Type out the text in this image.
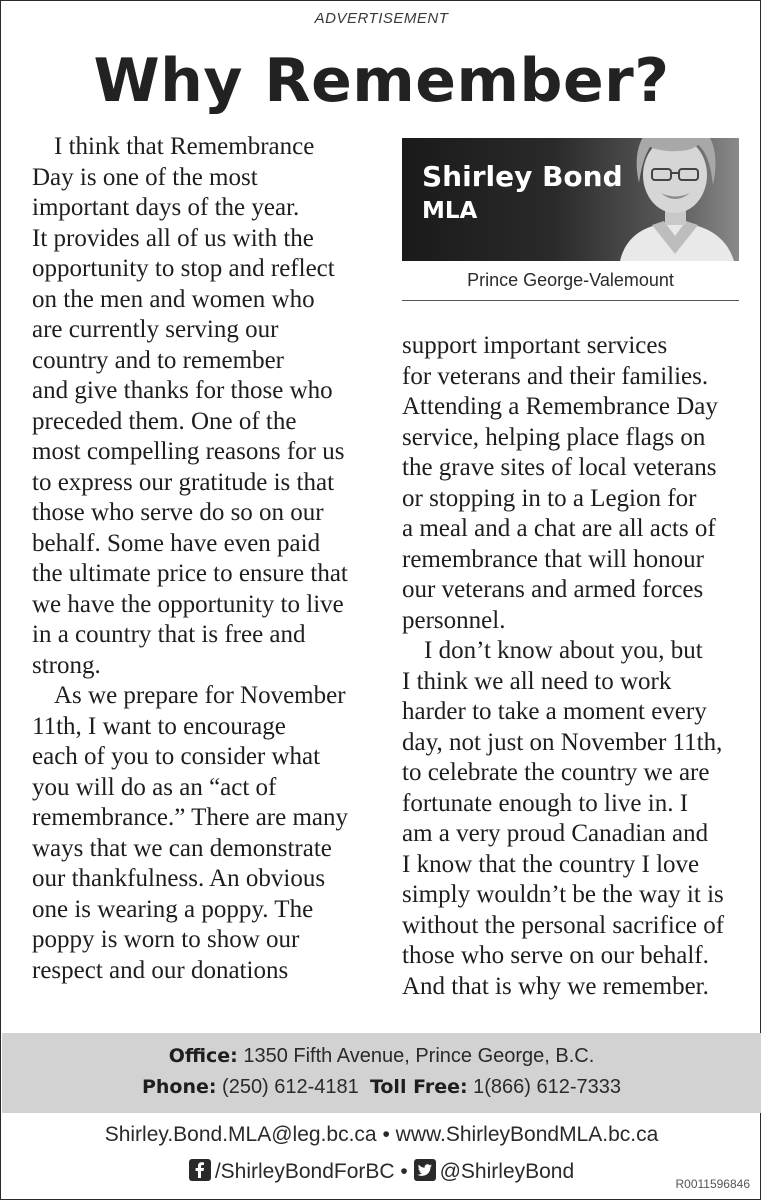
ADVERTISEMENT
Why Remember?
I think that Remembrance
Day is one of the most
important days of the year.
It provides all of us with the
opportunity to stop and reflect
on the men and women who
are currently serving our
country and to remember
and give thanks for those who
preceded them. One of the
most compelling reasons for us
to express our gratitude is that
those who serve do so on our
behalf. Some have even paid
the ultimate price to ensure that
we have the opportunity to live
in a country that is free and
strong.
As we prepare for November
11th, I want to encourage
each of you to consider what
you will do as an “act of
remembrance.” There are many
ways that we can demonstrate
our thankfulness. An obvious
one is wearing a poppy. The
poppy is worn to show our
respect and our donations
Shirley Bond
MLA
Prince George-Valemount
support important services
for veterans and their families.
Attending a Remembrance Day
service, helping place flags on
the grave sites of local veterans
or stopping in to a Legion for
a meal and a chat are all acts of
remembrance that will honour
our veterans and armed forces
personnel.
I don’t know about you, but
I think we all need to work
harder to take a moment every
day, not just on November 11th,
to celebrate the country we are
fortunate enough to live in. I
am a very proud Canadian and
I know that the country I love
simply wouldn’t be the way it is
without the personal sacrifice of
those who serve on our behalf.
And that is why we remember.
Office: 1350 Fifth Avenue, Prince George, B.C.
Phone: (250) 612-4181 Toll Free: 1(866) 612-7333
Shirley.Bond.MLA@leg.bc.ca • www.ShirleyBondMLA.bc.ca
/ShirleyBondForBC • @ShirleyBond
R0011596846
